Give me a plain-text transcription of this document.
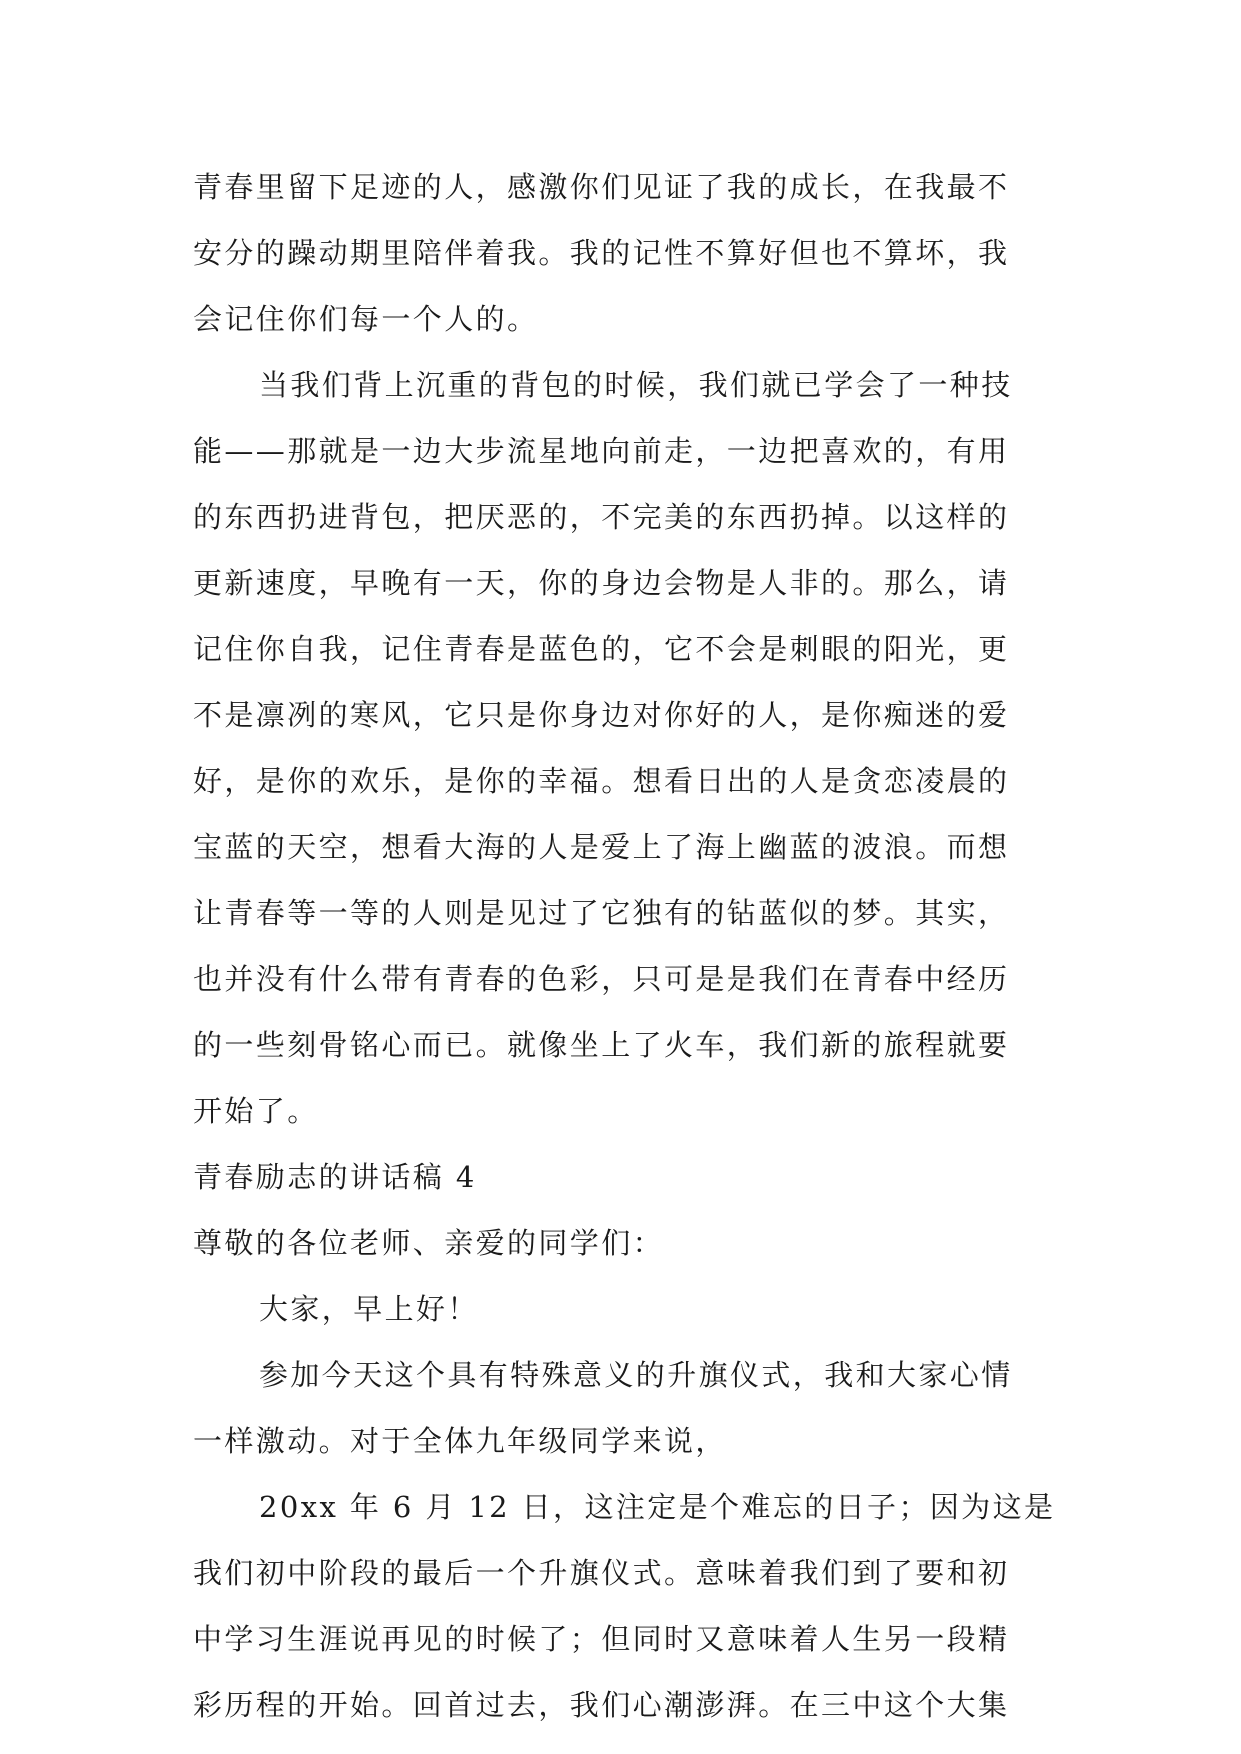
青春里留下足迹的人，感激你们见证了我的成长，在我最不
安分的躁动期里陪伴着我。我的记性不算好但也不算坏，我
会记住你们每一个人的。
当我们背上沉重的背包的时候，我们就已学会了一种技
能——那就是一边大步流星地向前走，一边把喜欢的，有用
的东西扔进背包，把厌恶的，不完美的东西扔掉。以这样的
更新速度，早晚有一天，你的身边会物是人非的。那么，请
记住你自我，记住青春是蓝色的，它不会是刺眼的阳光，更
不是凛冽的寒风，它只是你身边对你好的人，是你痴迷的爱
好，是你的欢乐，是你的幸福。想看日出的人是贪恋凌晨的
宝蓝的天空，想看大海的人是爱上了海上幽蓝的波浪。而想
让青春等一等的人则是见过了它独有的钻蓝似的梦。其实，
也并没有什么带有青春的色彩，只可是是我们在青春中经历
的一些刻骨铭心而已。就像坐上了火车，我们新的旅程就要
开始了。
青春励志的讲话稿 4
尊敬的各位老师、亲爱的同学们：
大家，早上好！
参加今天这个具有特殊意义的升旗仪式，我和大家心情
一样激动。对于全体九年级同学来说，
20xx 年 6 月 12 日，这注定是个难忘的日子；因为这是
我们初中阶段的最后一个升旗仪式。意味着我们到了要和初
中学习生涯说再见的时候了；但同时又意味着人生另一段精
彩历程的开始。回首过去，我们心潮澎湃。在三中这个大集
